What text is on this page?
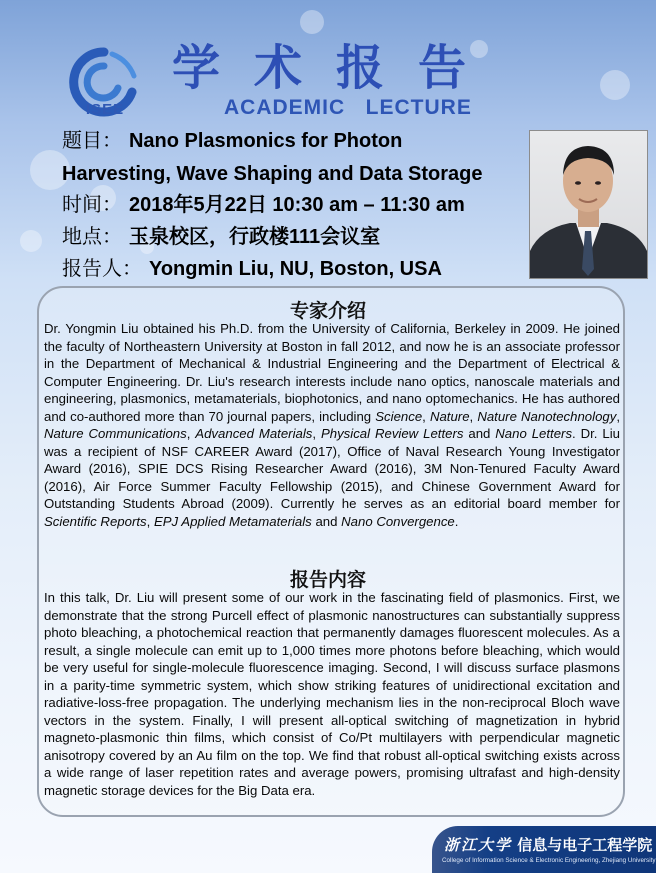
ISEE
学术报告
ACADEMIC   LECTURE
题目： Nano Plasmonics for Photon
Harvesting, Wave Shaping and Data Storage
时间： 2018年5月22日 10:30 am – 11:30 am
地点： 玉泉校区，行政楼111会议室
报告人： Yongmin Liu, NU, Boston, USA
专家介绍
Dr. Yongmin Liu obtained his Ph.D. from the University of California, Berkeley in 2009. He joined the faculty of Northeastern University at Boston in fall 2012, and now he is an associate professor in the Department of Mechanical & Industrial Engineering and the Department of Electrical & Computer Engineering. Dr. Liu's research interests include nano optics, nanoscale materials and engineering, plasmonics, metamaterials, biophotonics, and nano optomechanics. He has authored and co-authored more than 70 journal papers, including Science, Nature, Nature Nanotechnology, Nature Communications, Advanced Materials, Physical Review Letters and Nano Letters. Dr. Liu was a recipient of NSF CAREER Award (2017), Office of Naval Research Young Investigator Award (2016), SPIE DCS Rising Researcher Award (2016), 3M Non-Tenured Faculty Award (2016), Air Force Summer Faculty Fellowship (2015), and Chinese Government Award for Outstanding Students Abroad (2009). Currently he serves as an editorial board member for Scientific Reports, EPJ Applied Metamaterials and Nano Convergence.
报告内容
In this talk, Dr. Liu will present some of our work in the fascinating field of plasmonics. First, we demonstrate that the strong Purcell effect of plasmonic nanostructures can substantially suppress photo bleaching, a photochemical reaction that permanently damages fluorescent molecules. As a result, a single molecule can emit up to 1,000 times more photons before bleaching, which would be very useful for single-molecule fluorescence imaging. Second, I will discuss surface plasmons in a parity-time symmetric system, which show striking features of unidirectional excitation and radiative-loss-free propagation. The underlying mechanism lies in the non-reciprocal Bloch wave vectors in the system. Finally, I will present all-optical switching of magnetization in hybrid magneto-plasmonic thin films, which consist of Co/Pt multilayers with perpendicular magnetic anisotropy covered by an Au film on the top. We find that robust all-optical switching exists across a wide range of laser repetition rates and average powers, promising ultrafast and high-density magnetic storage devices for the Big Data era.
浙江大学 信息与电子工程学院
College of Information Science & Electronic Engineering, Zhejiang University
